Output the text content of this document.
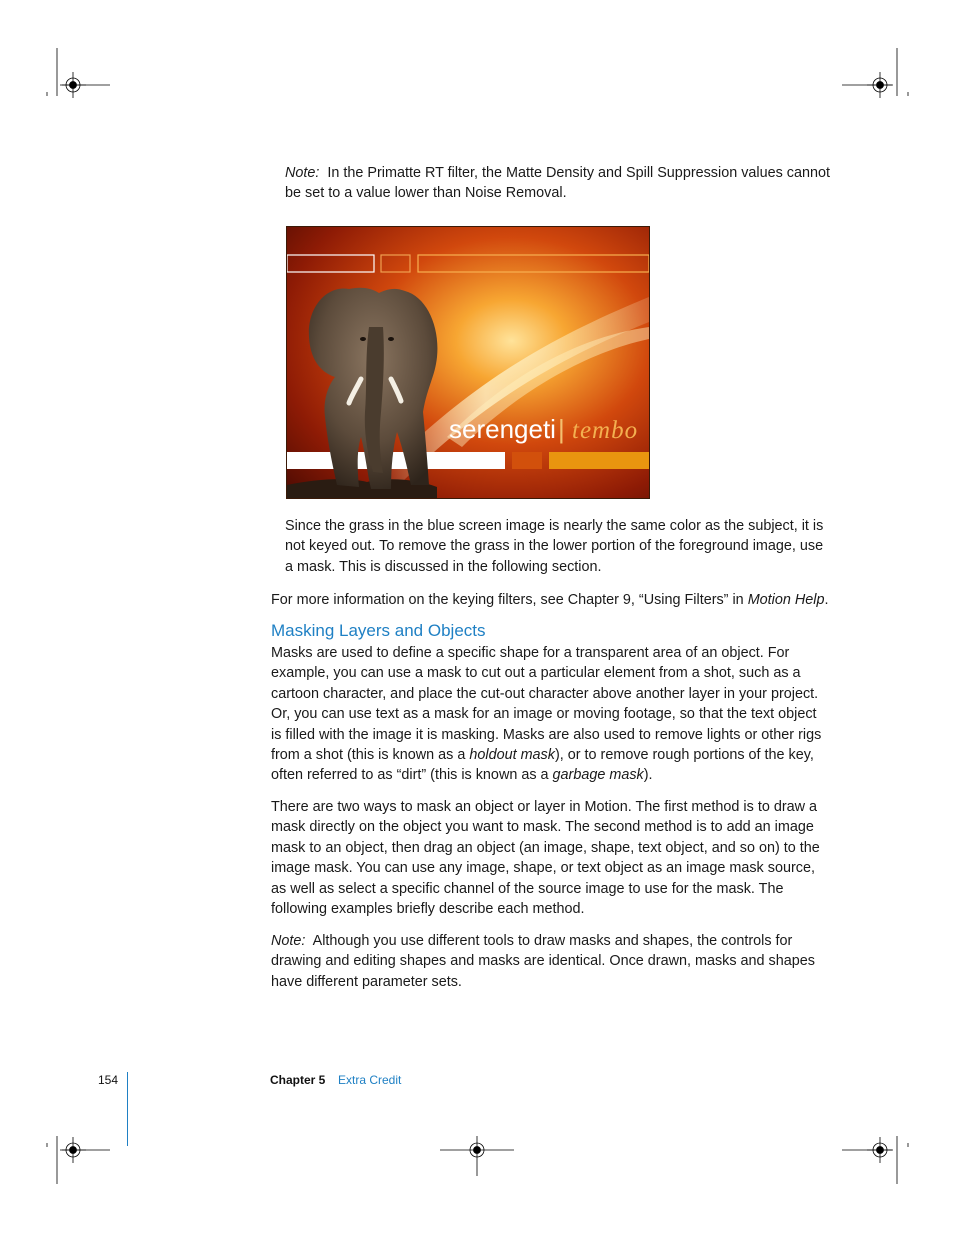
Note: In the Primatte RT filter, the Matte Density and Spill Suppression values cannot be set to a value lower than Noise Removal.

serengeti | tembo

Since the grass in the blue screen image is nearly the same color as the subject, it is not keyed out. To remove the grass in the lower portion of the foreground image, use a mask. This is discussed in the following section.

For more information on the keying filters, see Chapter 9, “Using Filters” in Motion Help.

Masking Layers and Objects

Masks are used to define a specific shape for a transparent area of an object. For example, you can use a mask to cut out a particular element from a shot, such as a cartoon character, and place the cut-out character above another layer in your project. Or, you can use text as a mask for an image or moving footage, so that the text object is filled with the image it is masking. Masks are also used to remove lights or other rigs from a shot (this is known as a holdout mask), or to remove rough portions of the key, often referred to as “dirt” (this is known as a garbage mask).

There are two ways to mask an object or layer in Motion. The first method is to draw a mask directly on the object you want to mask. The second method is to add an image mask to an object, then drag an object (an image, shape, text object, and so on) to the image mask. You can use any image, shape, or text object as an image mask source, as well as select a specific channel of the source image to use for the mask. The following examples briefly describe each method.

Note: Although you use different tools to draw masks and shapes, the controls for drawing and editing shapes and masks are identical. Once drawn, masks and shapes have different parameter sets.

154	Chapter 5 Extra Credit
